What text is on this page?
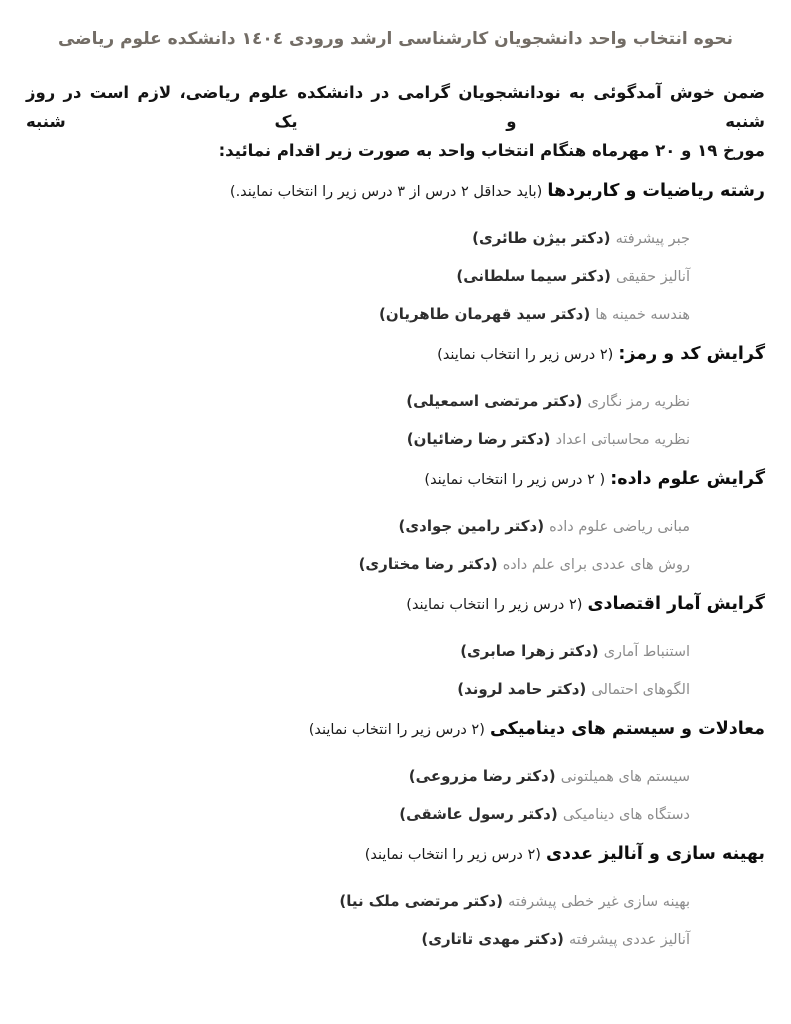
نحوه انتخاب واحد دانشجویان کارشناسی ارشد ورودی ١٤٠٤ دانشکده علوم ریاضی
ضمن خوش آمدگوئی به نودانشجویان گرامی در دانشکده علوم ریاضی، لازم است در روز شنبه و یک شنبه
مورخ ١٩ و ٢٠ مهرماه هنگام انتخاب واحد به صورت زیر اقدام نمائید:
رشته ریاضیات و کاربردها (باید حداقل ٢ درس از ٣ درس زیر را انتخاب نمایند.)
جبر پیشرفته (دکتر بیژن طائری)
آنالیز حقیقی (دکتر سیما سلطانی)
هندسه خمینه ها (دکتر سید قهرمان طاهریان)
گرایش کد و رمز: (٢ درس زیر را انتخاب نمایند)
نظریه رمز نگاری (دکتر مرتضی اسمعیلی)
نظریه محاسباتی اعداد (دکتر رضا رضائیان)
گرایش علوم داده: ( ٢ درس زیر را انتخاب نمایند)
مبانی ریاضی علوم داده (دکتر رامین جوادی)
روش های عددی برای علم داده (دکتر رضا مختاری)
گرایش آمار اقتصادی (٢ درس زیر را انتخاب نمایند)
استنباط آماری (دکتر زهرا صابری)
الگوهای احتمالی (دکتر حامد لروند)
معادلات و سیستم های دینامیکی (٢ درس زیر را انتخاب نمایند)
سیستم های همیلتونی (دکتر رضا مزروعی)
دستگاه های دینامیکی (دکتر رسول عاشقی)
بهینه سازی و آنالیز عددی (٢ درس زیر را انتخاب نمایند)
بهینه سازی غیر خطی پیشرفته (دکتر مرتضی ملک نیا)
آنالیز عددی پیشرفته (دکتر مهدی تاتاری)
